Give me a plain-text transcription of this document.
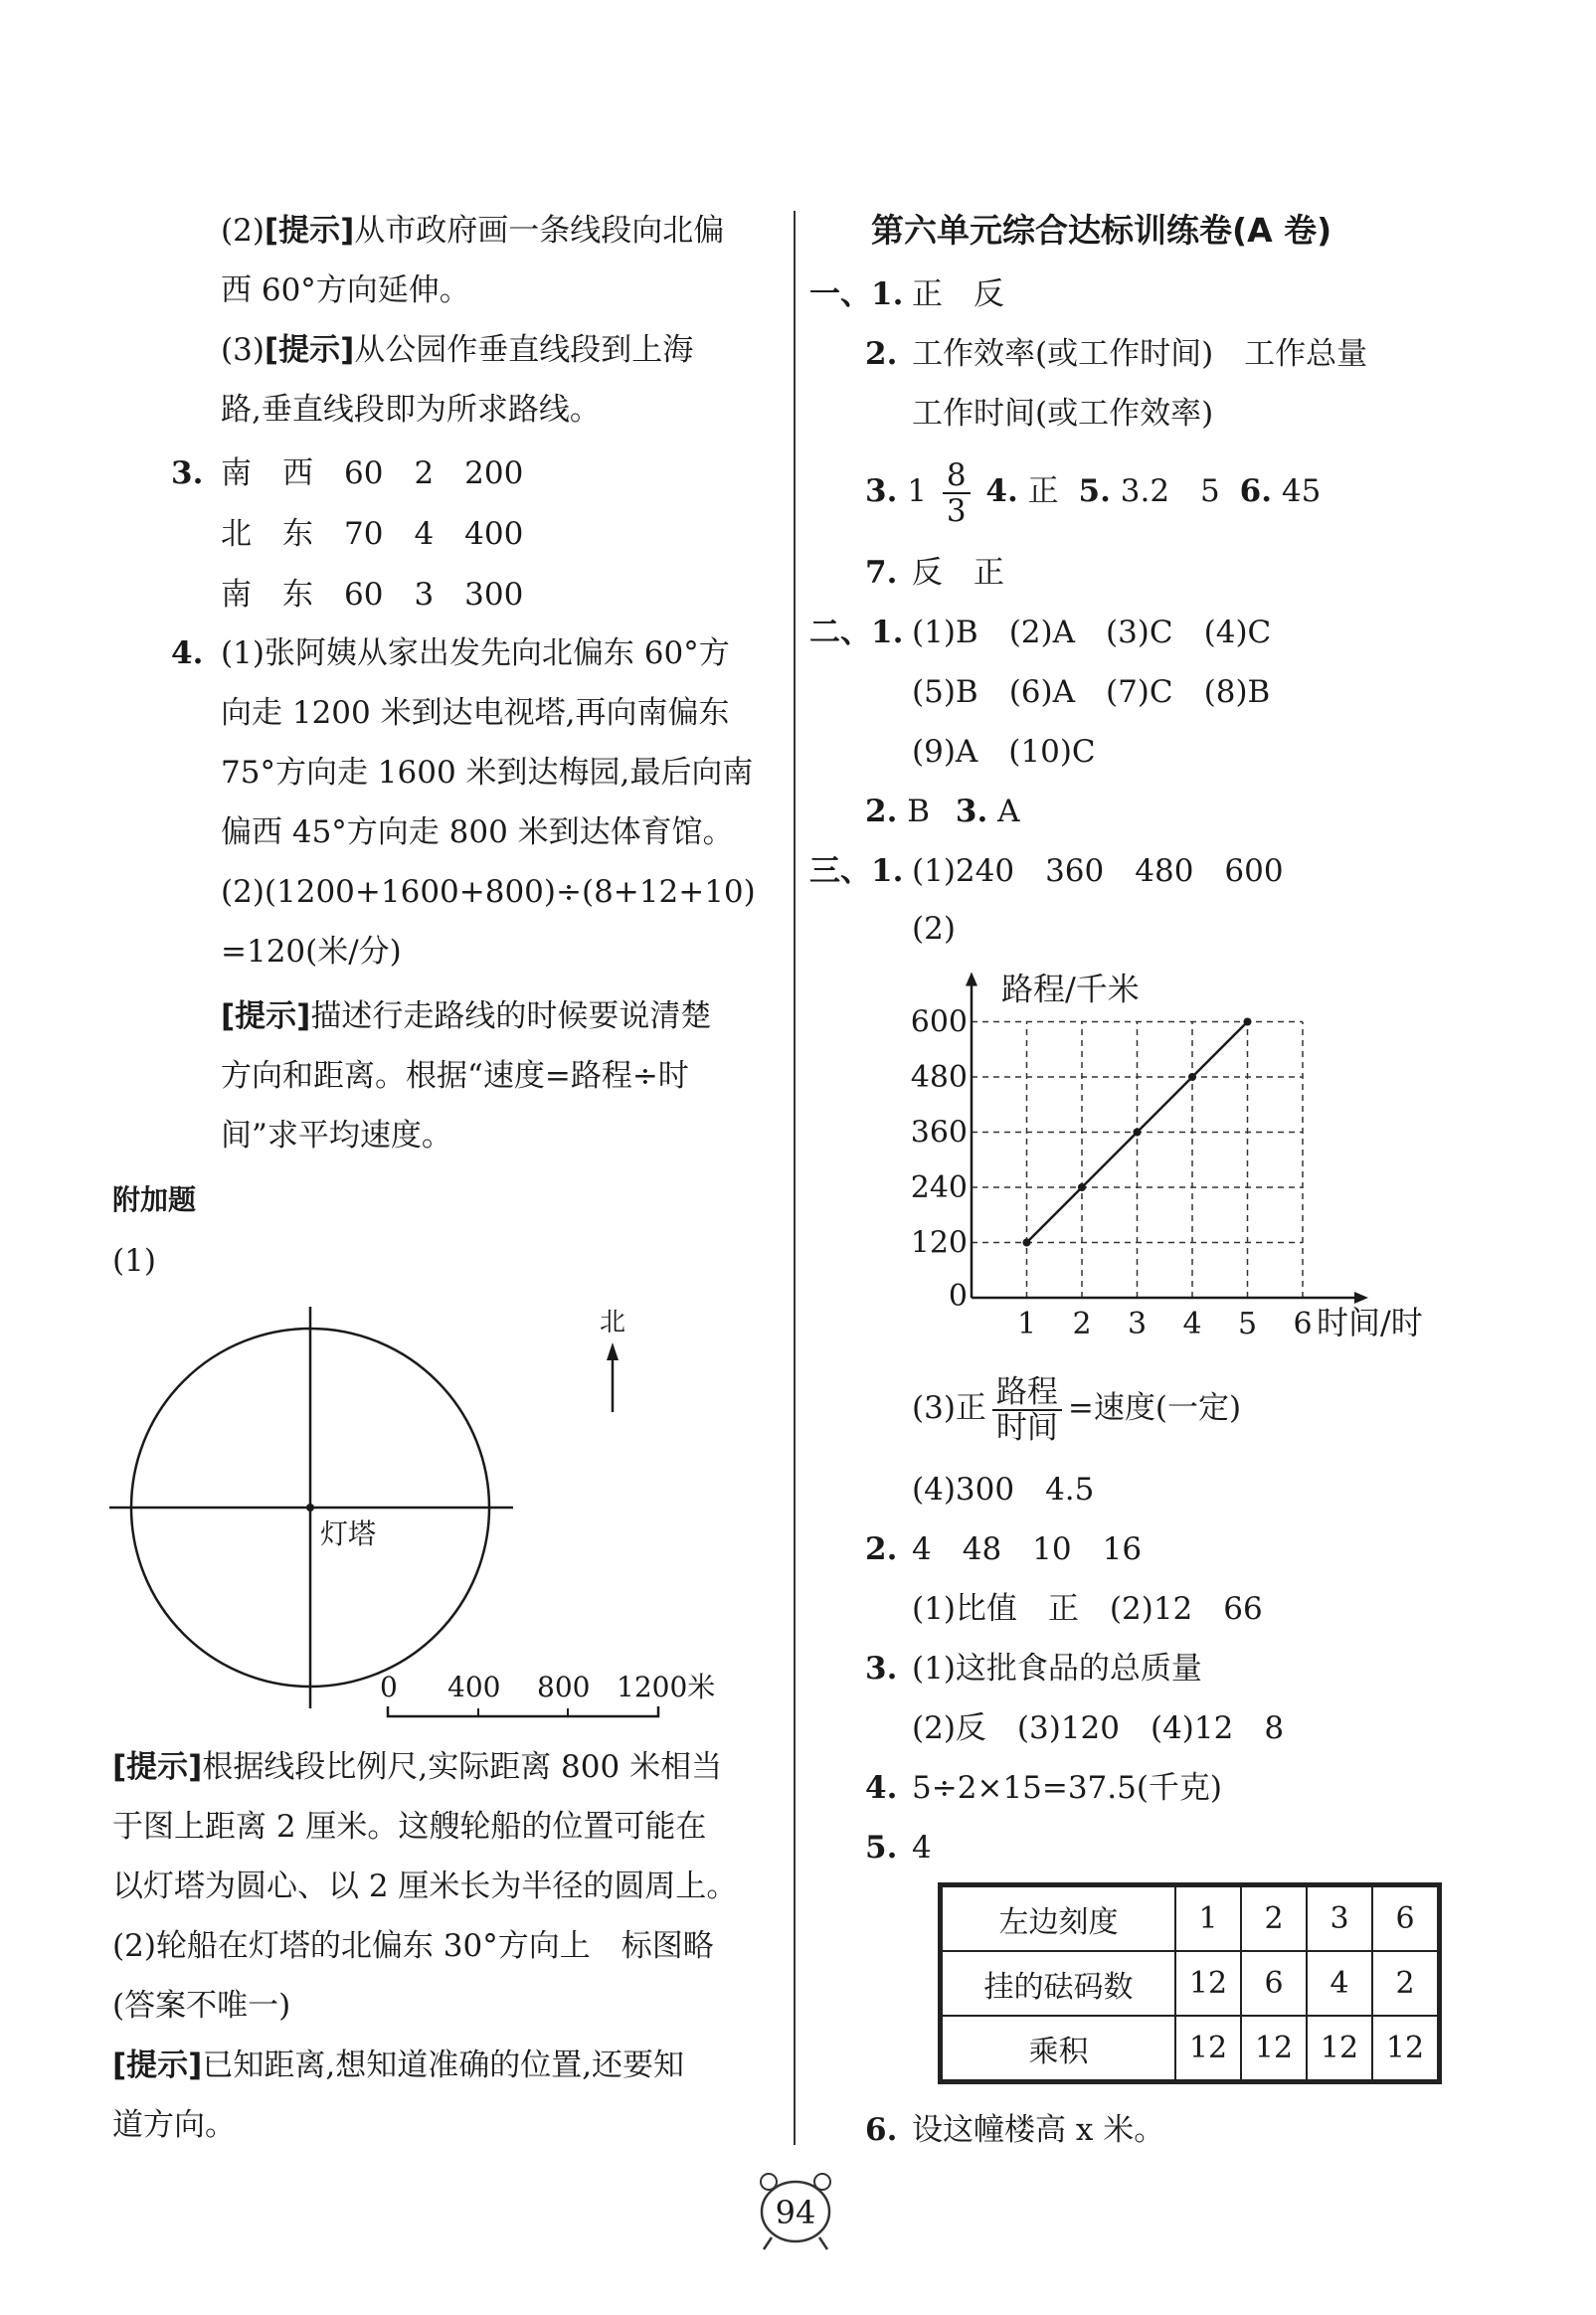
(2)[提示]从市政府画一条线段向北偏
西 60°方向延伸。
(3)[提示]从公园作垂直线段到上海
路,垂直线段即为所求路线。
3. 南　西　60　2　200
北　东　70　4　400
南　东　60　3　300
4. (1)张阿姨从家出发先向北偏东 60°方
向走 1200 米到达电视塔,再向南偏东
75°方向走 1600 米到达梅园,最后向南
偏西 45°方向走 800 米到达体育馆。
(2)(1200+1600+800)÷(8+12+10)
=120(米/分)
[提示]描述行走路线的时候要说清楚
方向和距离。根据“速度=路程÷时
间”求平均速度。
附加题
(1)
灯塔
北
0 400 800 1200米
[提示]根据线段比例尺,实际距离 800 米相当
于图上距离 2 厘米。这艘轮船的位置可能在
以灯塔为圆心、以 2 厘米长为半径的圆周上。
(2)轮船在灯塔的北偏东 30°方向上　标图略
(答案不唯一)
[提示]已知距离,想知道准确的位置,还要知
道方向。
第六单元综合达标训练卷(A 卷)
一、1. 正　反
2. 工作效率(或工作时间)　工作总量
工作时间(或工作效率)
3. $1 \frac{8}{3} 4$. 正 5. 3.2　5 6. 45
7. 反　正
二、1. (1)B　(2)A　(3)C　(4)C
(5)B　(6)A　(7)C　(8)B
(9)A　(10)C
2. B 3. A
三、1. (1)240　360　480　600
(2)
1 2 3 4 5 6
0
120
240
360
480
600
路程/千米
时间/时
(3)正 $\frac{\text{路程}}{\text{时间}}$ =速度(一定)
(4)300　4.5
2. 4　48　10　16
(1)比值　正　(2)12　66
3. (1)这批食品的总质量
(2)反　(3)120　(4)12　8
4. 5÷2×15=37.5(千克)
5. 4
左边刻度	1	2	3	6
挂的砝码数	12	6	4	2
乘积	12	12	12	12
6. 设这幢楼高 x 米。
94
